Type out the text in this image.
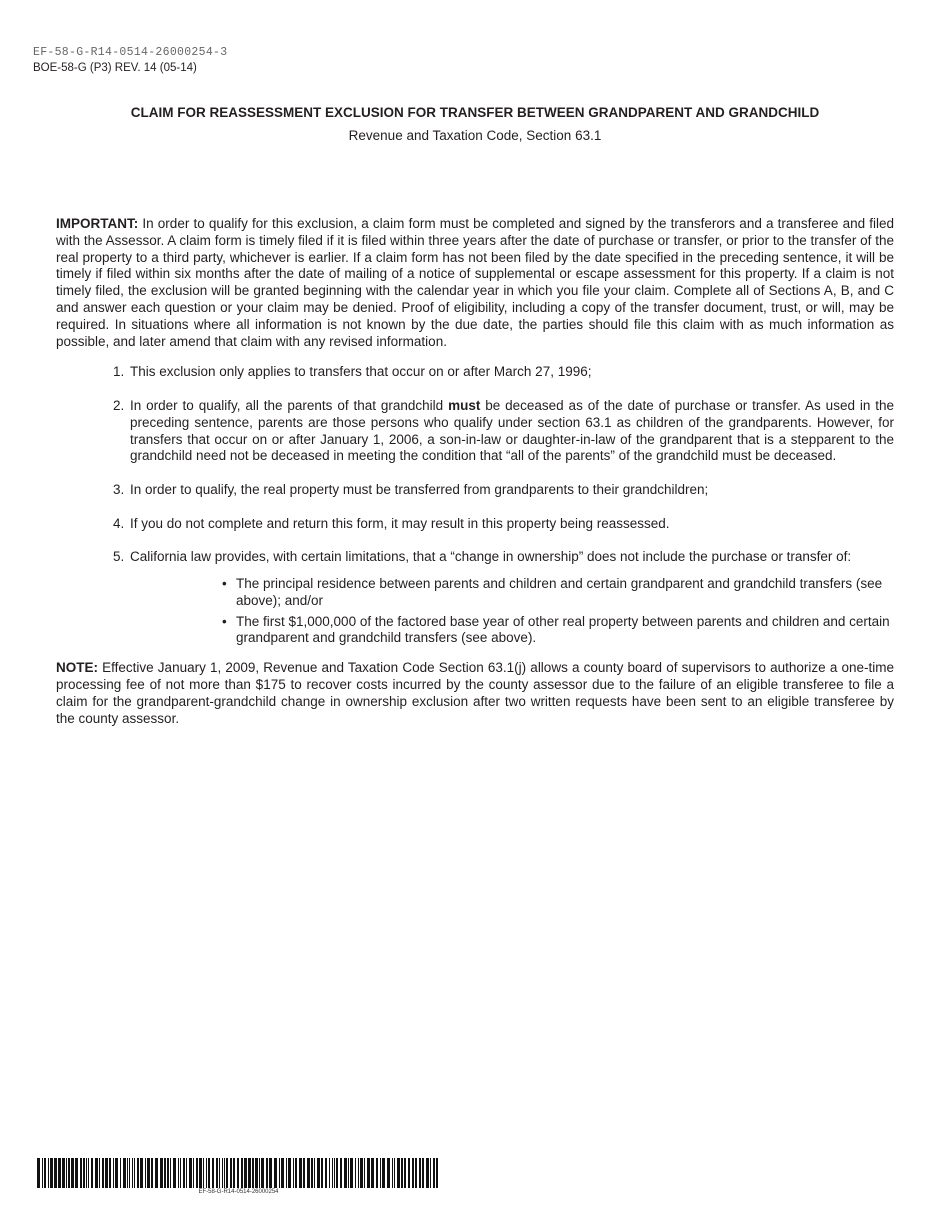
EF-58-G-R14-0514-26000254-3
BOE-58-G (P3) REV. 14 (05-14)
CLAIM FOR REASSESSMENT EXCLUSION FOR TRANSFER BETWEEN GRANDPARENT AND GRANDCHILD
Revenue and Taxation Code, Section 63.1

IMPORTANT: In order to qualify for this exclusion, a claim form must be completed and signed by the transferors and a transferee and filed with the Assessor. A claim form is timely filed if it is filed within three years after the date of purchase or transfer, or prior to the transfer of the real property to a third party, whichever is earlier. If a claim form has not been filed by the date specified in the preceding sentence, it will be timely if filed within six months after the date of mailing of a notice of supplemental or escape assessment for this property. If a claim is not timely filed, the exclusion will be granted beginning with the calendar year in which you file your claim. Complete all of Sections A, B, and C and answer each question or your claim may be denied. Proof of eligibility, including a copy of the transfer document, trust, or will, may be required. In situations where all information is not known by the due date, the parties should file this claim with as much information as possible, and later amend that claim with any revised information.

1. This exclusion only applies to transfers that occur on or after March 27, 1996;
2. In order to qualify, all the parents of that grandchild must be deceased as of the date of purchase or transfer. As used in the preceding sentence, parents are those persons who qualify under section 63.1 as children of the grandparents. However, for transfers that occur on or after January 1, 2006, a son-in-law or daughter-in-law of the grandparent that is a stepparent to the grandchild need not be deceased in meeting the condition that “all of the parents” of the grandchild must be deceased.
3. In order to qualify, the real property must be transferred from grandparents to their grandchildren;
4. If you do not complete and return this form, it may result in this property being reassessed.
5. California law provides, with certain limitations, that a “change in ownership” does not include the purchase or transfer of:
• The principal residence between parents and children and certain grandparent and grandchild transfers (see above); and/or
• The first $1,000,000 of the factored base year of other real property between parents and children and certain grandparent and grandchild transfers (see above).

NOTE: Effective January 1, 2009, Revenue and Taxation Code Section 63.1(j) allows a county board of supervisors to authorize a one-time processing fee of not more than $175 to recover costs incurred by the county assessor due to the failure of an eligible transferee to file a claim for the grandparent-grandchild change in ownership exclusion after two written requests have been sent to an eligible transferee by the county assessor.

EF-58-G-R14-0514-26000254
